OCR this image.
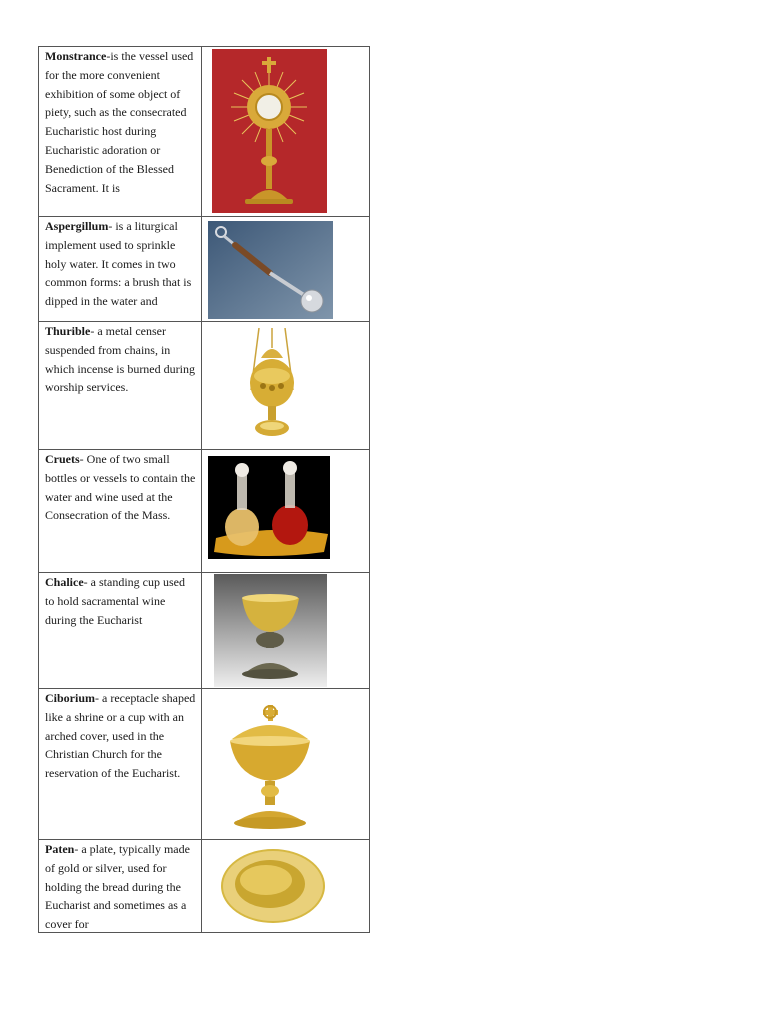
Monstrance-is the vessel used for the more convenient exhibition of some object of piety, such as the consecrated Eucharistic host during Eucharistic adoration or Benediction of the Blessed Sacrament. It is

Aspergillum- is a liturgical implement used to sprinkle holy water. It comes in two common forms: a brush that is dipped in the water and

Thurible- a metal censer suspended from chains, in which incense is burned during worship services.

Cruets- One of two small bottles or vessels to contain the water and wine used at the Consecration of the Mass.

Chalice- a standing cup used to hold sacramental wine during the Eucharist

Ciborium- a receptacle shaped like a shrine or a cup with an arched cover, used in the Christian Church for the reservation of the Eucharist.

Paten- a plate, typically made of gold or silver, used for holding the bread during the Eucharist and sometimes as a cover for
